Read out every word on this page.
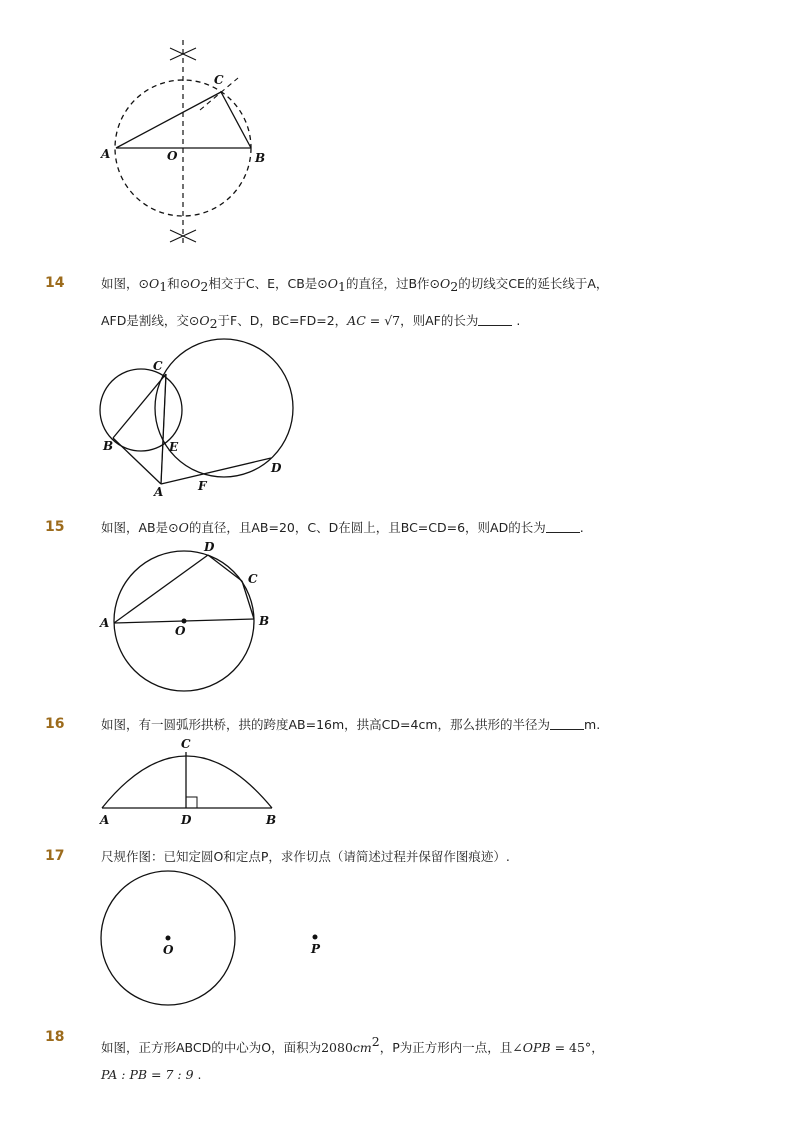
C
A	O	B
14	如图，$⊙O_1$和$⊙O_2$相交于C、E，CB是$⊙O_1$的直径，过B作$⊙O_2$的切线交CE的延长线于A，
AFD是割线，交$⊙O_2$于F、D，BC=FD=2，AC = √7，则AF的长为	.
C
B	E
A	F
D
15	如图，AB是⊙O的直径，且AB=20，C、D在圆上，且BC=CD=6，则AD的长为	.
D
C
A
O
B
16	如图，有一圆弧形拱桥，拱的跨度AB=16m，拱高CD=4cm，那么拱形的半径为	m.
C
A	D	B
17	尺规作图：已知定圆O和定点P，求作切点（请简述过程并保留作图痕迹）.
O	P
18
如图，正方形ABCD的中心为O，面积为$2080cm^2$，P为正方形内一点，且∠OPB = 45°，
PA : PB = 7 : 9 .
